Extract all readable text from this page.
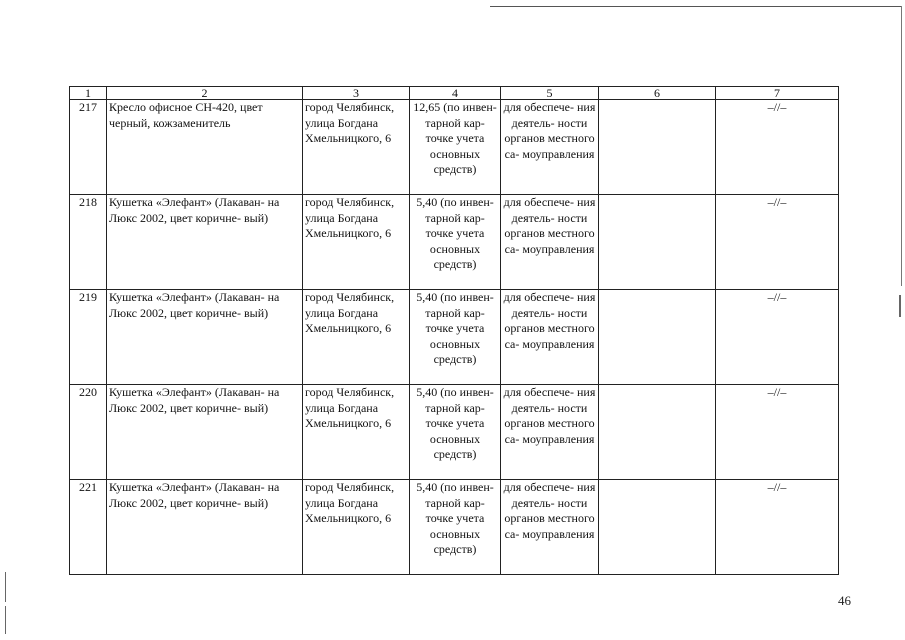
1	2	3	4	5	6	7
217	Кресло офисное СН-420, цвет черный, кожзаменитель	город Челябинск, улица Богдана Хмельницкого, 6	12,65 (по инвен- тарной кар- точке учета основных средств)	для обеспече- ния деятель- ности органов местного са- моуправления		–//–
218	Кушетка «Элефант» (Лакаван- на Люкс 2002, цвет коричне- вый)	город Челябинск, улица Богдана Хмельницкого, 6	5,40 (по инвен- тарной кар- точке учета основных средств)	для обеспече- ния деятель- ности органов местного са- моуправления		–//–
219	Кушетка «Элефант» (Лакаван- на Люкс 2002, цвет коричне- вый)	город Челябинск, улица Богдана Хмельницкого, 6	5,40 (по инвен- тарной кар- точке учета основных средств)	для обеспече- ния деятель- ности органов местного са- моуправления		–//–
220	Кушетка «Элефант» (Лакаван- на Люкс 2002, цвет коричне- вый)	город Челябинск, улица Богдана Хмельницкого, 6	5,40 (по инвен- тарной кар- точке учета основных средств)	для обеспече- ния деятель- ности органов местного са- моуправления		–//–
221	Кушетка «Элефант» (Лакаван- на Люкс 2002, цвет коричне- вый)	город Челябинск, улица Богдана Хмельницкого, 6	5,40 (по инвен- тарной кар- точке учета основных средств)	для обеспече- ния деятель- ности органов местного са- моуправления		–//–
46
